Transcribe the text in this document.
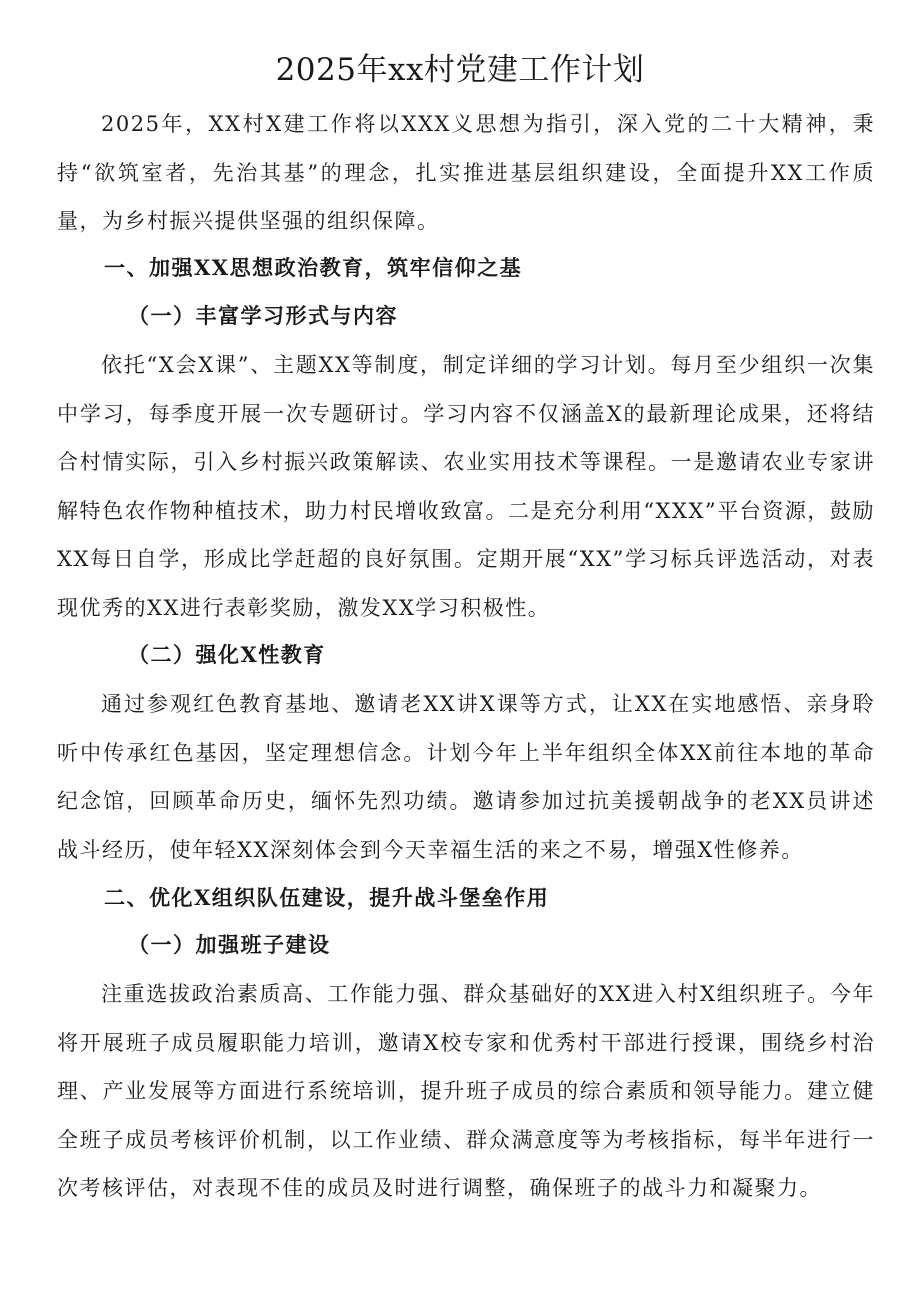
2025年xx村党建工作计划
2025年，XX村X建工作将以XXX义思想为指引，深入党的二十大精神，秉持“欲筑室者，先治其基”的理念，扎实推进基层组织建设，全面提升XX工作质量，为乡村振兴提供坚强的组织保障。
一、加强XX思想政治教育，筑牢信仰之基
（一）丰富学习形式与内容
依托“X会X课”、主题XX等制度，制定详细的学习计划。每月至少组织一次集中学习，每季度开展一次专题研讨。学习内容不仅涵盖X的最新理论成果，还将结合村情实际，引入乡村振兴政策解读、农业实用技术等课程。一是邀请农业专家讲解特色农作物种植技术，助力村民增收致富。二是充分利用“XXX”平台资源，鼓励XX每日自学，形成比学赶超的良好氛围。定期开展“XX”学习标兵评选活动，对表现优秀的XX进行表彰奖励，激发XX学习积极性。
（二）强化X性教育
通过参观红色教育基地、邀请老XX讲X课等方式，让XX在实地感悟、亲身聆听中传承红色基因，坚定理想信念。计划今年上半年组织全体XX前往本地的革命纪念馆，回顾革命历史，缅怀先烈功绩。邀请参加过抗美援朝战争的老XX员讲述战斗经历，使年轻XX深刻体会到今天幸福生活的来之不易，增强X性修养。
二、优化X组织队伍建设，提升战斗堡垒作用
（一）加强班子建设
注重选拔政治素质高、工作能力强、群众基础好的XX进入村X组织班子。今年将开展班子成员履职能力培训，邀请X校专家和优秀村干部进行授课，围绕乡村治理、产业发展等方面进行系统培训，提升班子成员的综合素质和领导能力。建立健全班子成员考核评价机制，以工作业绩、群众满意度等为考核指标，每半年进行一次考核评估，对表现不佳的成员及时进行调整，确保班子的战斗力和凝聚力。
